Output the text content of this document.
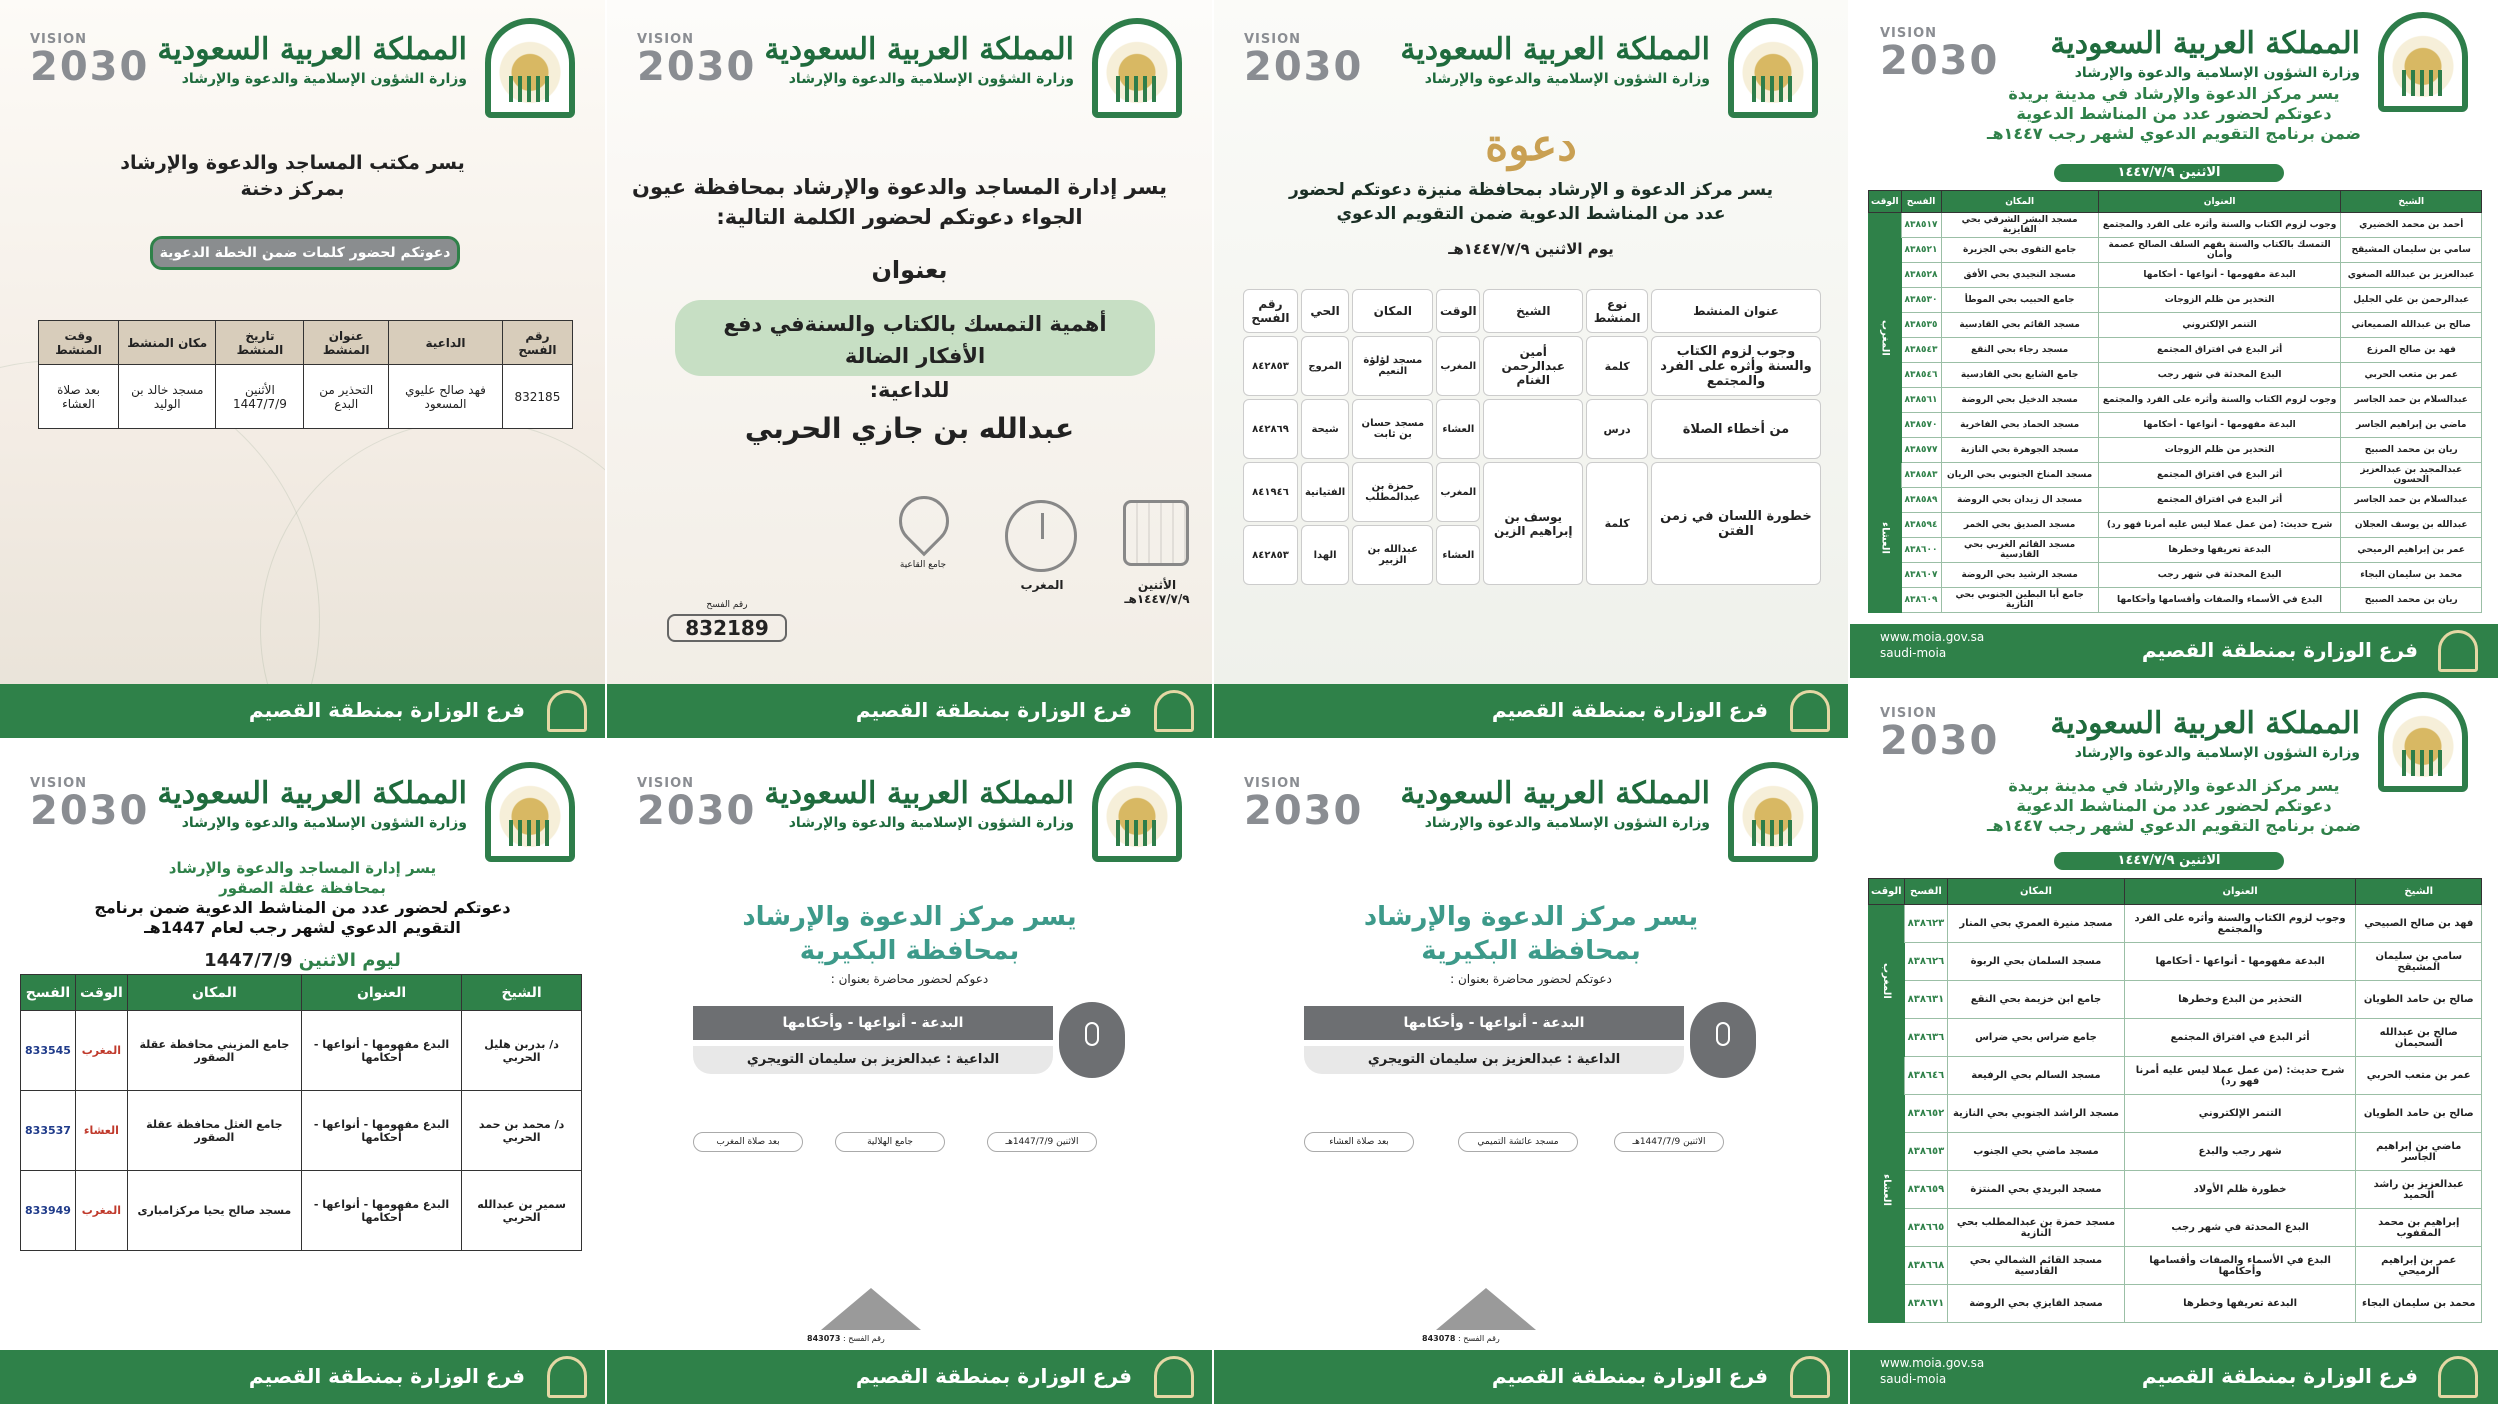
المملكة العربية السعودية
وزارة الشؤون الإسلامية والدعوة والإرشاد
VISION
2030
يسر مكتب المساجد والدعوة والإرشاد
بمركز دخنة
دعوتكم لحضور كلمات ضمن الخطة الدعوية
رقم الفسح	الداعية	عنوان المنشط	تاريخ المنشط	مكان المنشط	وقت المنشط
832185	فهد صالح عليوي المسعود	التحذير من البدع	الأثنين 1447/7/9	مسجد خالد بن الوليد	بعد صلاة العشاء
فرع الوزارة بمنطقة القصيم
المملكة العربية السعودية
وزارة الشؤون الإسلامية والدعوة والإرشاد
VISION
2030
يسر إدارة المساجد والدعوة والإرشاد بمحافظة عيون الجواء دعوتكم لحضور الكلمة التالية:
بعنوان
أهمية التمسك بالكتاب والسنةفي دفع الأفكار الضالة
للداعية:
عبدالله بن جازي الحربي
الأثنين
١٤٤٧/٧/٩هـ
المغرب
جامع القاعية
رقم الفسح
832189
فرع الوزارة بمنطقة القصيم
المملكة العربية السعودية
وزارة الشؤون الإسلامية والدعوة والإرشاد
VISION
2030
دعوة
يسر مركز الدعوة و الإرشاد بمحافظة منيزة دعوتكم لحضور
عدد من المناشط الدعوية ضمن التقويم الدعوي
يوم الاثنين ١٤٤٧/٧/٩هـ
عنوان المنشط	نوع المنشط	الشيخ	الوقت	المكان	الحي	رقم الفسح
وجوب لزوم الكتاب والسنة وأثره على الفرد والمجتمع	كلمة	أمين عبدالرحمن الغنام	المغرب	مسجد لؤلؤة النعيم	المروج	٨٤٢٨٥٣
من أخطاء الصلاة	درس		العشاء	مسجد حسان بن ثابت	شيحة	٨٤٢٨٦٩
خطورة اللسان في زمن الفتن	كلمة	يوسف بن إبراهيم الزين	المغرب	حمزة بن عبدالمطلب	الفتيانية	٨٤١٩٤٦
			العشاء	عبدالله بن الزبير	الهدا	٨٤٢٨٥٣
فرع الوزارة بمنطقة القصيم
المملكة العربية السعودية
وزارة الشؤون الإسلامية والدعوة والإرشاد
VISION
2030
يسر مركز الدعوة والإرشاد في مدينة بريدة
دعوتكم لحضور عدد من المناشط الدعوية
ضمن برنامج التقويم الدعوي لشهر رجب ١٤٤٧هـ
الاثنين ١٤٤٧/٧/٩
الشيخ	العنوان	المكان	الفسح	الوقت
أحمد بن محمد الخضيري	وجوب لزوم الكتاب والسنة وأثره على الفرد والمجتمع	مسجد البشر الشرقي بحي الفايزية	٨٣٨٥١٧	المغرب
سامي بن سليمان المشيقح	التمسك بالكتاب والسنة بفهم السلف الصالح عصمة وأمان	جامع التقوى بحي الجزيرة	٨٣٨٥٢١	
عبدالعزيز بن عبدالله الصغوي	البدعة مفهومها - أنواعها - أحكامها	مسجد النجيدي بحي الأفق	٨٣٨٥٢٨	
عبدالرحمن بن علي الجليل	التحذير من ظلم الزوجات	جامع الحبيب بحي الموطأ	٨٣٨٥٣٠	
صالح بن عبدالله الصميعاني	التنمر الإلكتروني	مسجد القائم بحي القادسية	٨٣٨٥٣٥	
فهد بن صالح المرزع	أثر البدع في افتراق المجتمع	مسجد رجاء بحي النقع	٨٣٨٥٤٣	
عمر بن متعب الحربي	البدع المحدثة في شهر رجب	جامع الشايع بحي القادسية	٨٣٨٥٤٦	
عبدالسلام بن حمد الجاسر	وجوب لزوم الكتاب والسنة وأثره على الفرد والمجتمع	مسجد الدخيل بحي الروضة	٨٣٨٥٦١	
ماضي بن إبراهيم الجاسر	البدعة مفهومها - أنواعها - أحكامها	مسجد الحماد بحي الفاخرية	٨٣٨٥٧٠	
ريان بن محمد الصبيح	التحذير من ظلم الزوجات	مسجد الجوهرة بحي النازية	٨٣٨٥٧٧	
عبدالمجيد بن عبدالعزيز الحسون	أثر البدع في افتراق المجتمع	مسجد المناخ الجنوبي بحي الريان	٨٣٨٥٨٣	العشاء
عبدالسلام بن حمد الجاسر	أثر البدع في افتراق المجتمع	مسجد ال زيدان بحي الروضة	٨٣٨٥٨٩	
عبدالله بن يوسف العجلان	شرح حديث: (من عمل عملا ليس عليه أمرنا فهو رد)	مسجد الصديق بحي الخمر	٨٣٨٥٩٤	
عمر بن إبراهيم الرميحي	البدعة تعريفها وخطرها	مسجد القائم الغربي بحي القادسية	٨٣٨٦٠٠	
محمد بن سليمان البجاء	البدع المحدثة في شهر رجب	مسجد الرشيد بحي الروضة	٨٣٨٦٠٧	
ريان بن محمد الصبيح	البدع في الأسماء والصفات وأقسامها وأحكامها	جامع أبا البطين الجنوبي بحي النازية	٨٣٨٦٠٩	
www.moia.gov.sa
saudi-moia	فرع الوزارة بمنطقة القصيم
المملكة العربية السعودية
وزارة الشؤون الإسلامية والدعوة والإرشاد
VISION
2030
يسر إدارة المساجد والدعوة والإرشاد
بمحافظة عقلة الصقور
دعوتكم لحضور عدد من المناشط الدعوية ضمن برنامج
التقويم الدعوي لشهر رجب لعام 1447هـ
ليوم الاثنين 1447/7/9
الشيخ	العنوان	المكان	الوقت	الفسح
د/ بدربن هليل الحربي	البدع مفهومها - أنواعها - أحكامها	جامع المزيني محافظة عقلة الصقور	المغرب	833545
د/ محمد بن حمد الحربي	البدع مفهومها - أنواعها - أحكامها	جامع الغثل محافظة عقلة الصقور	العشاء	833537
سمير بن عبدالله الحربي	البدع مفهومها - أنواعها - أحكامها	مسجد صالح يحيا مركزامبارى	المغرب	833949
فرع الوزارة بمنطقة القصيم
المملكة العربية السعودية
وزارة الشؤون الإسلامية والدعوة والإرشاد
VISION
2030
يسر مركز الدعوة والإرشاد
بمحافظة البكيرية
دعوكم لحضور محاضرة بعنوان :
البدعة - أنواعها - وأحكامها
الداعية : عبدالعزيز بن سليمان التويجري
الاثنين 1447/7/9هـ
جامع الهلالية
بعد صلاة المغرب
رقم الفسح : 843073
فرع الوزارة بمنطقة القصيم
المملكة العربية السعودية
وزارة الشؤون الإسلامية والدعوة والإرشاد
VISION
2030
يسر مركز الدعوة والإرشاد
بمحافظة البكيرية
دعوتكم لحضور محاضرة بعنوان :
البدعة - أنواعها - وأحكامها
الداعية : عبدالعزيز بن سليمان التويجري
الاثنين 1447/7/9هـ
مسجد عائشة التميمي
بعد صلاة العشاء
رقم الفسح : 843078
فرع الوزارة بمنطقة القصيم
المملكة العربية السعودية
وزارة الشؤون الإسلامية والدعوة والإرشاد
VISION
2030
يسر مركز الدعوة والإرشاد في مدينة بريدة
دعوتكم لحضور عدد من المناشط الدعوية
ضمن برنامج التقويم الدعوي لشهر رجب ١٤٤٧هـ
الاثنين ١٤٤٧/٧/٩
الشيخ	العنوان	المكان	الفسح	الوقت
فهد بن صالح الصبيحي	وجوب لزوم الكتاب والسنة وأثره على الفرد والمجتمع	مسجد منيرة العمري بحي المنار	٨٣٨٦٢٣	المغرب
سامي بن سليمان المشيقح	البدعة مفهومها - أنواعها - أحكامها	مسجد السلمان بحي الربوة	٨٣٨٦٢٦	
صالح بن حامد الطويان	التحذير من البدع وخطرها	جامع ابن خزيمة بحي النقع	٨٣٨٦٣١	
صالح بن عبدالله السحيمان	أثر البدع في افتراق المجتمع	جامع ضراس بحي ضراس	٨٣٨٦٣٦	
عمر بن متعب الحربي	شرح حديث: (من عمل عملا ليس عليه أمرنا فهو رد)	مسجد السالم بحي الرفيعة	٨٣٨٦٤٦	العشاء
صالح بن حامد الطويان	التنمر الإلكتروني	مسجد الراشد الجنوبي بحي النازية	٨٣٨٦٥٢	
ماضي بن إبراهيم الجاسر	شهر رجب والبدع	مسجد ماضي بحي الجنوب	٨٣٨٦٥٣	
عبدالعزيز بن راشد الحميد	خطورة ظلم الأولاد	مسجد البريدي بحي المنتزة	٨٣٨٦٥٩	
إبراهيم بن محمد المقفوب	البدع المحدثة في شهر رجب	مسجد حمزة بن عبدالمطلب بحي النازية	٨٣٨٦٦٥	
عمر بن إبراهيم الرميحي	البدع في الأسماء والصفات وأقسامها وأحكامها	مسجد القائم الشمالي بحي القادسية	٨٣٨٦٦٨	
محمد بن سليمان البجاء	البدعة تعريفها وخطرها	مسجد الفايزي بحي الروضة	٨٣٨٦٧١	
www.moia.gov.sa
saudi-moia	فرع الوزارة بمنطقة القصيم
